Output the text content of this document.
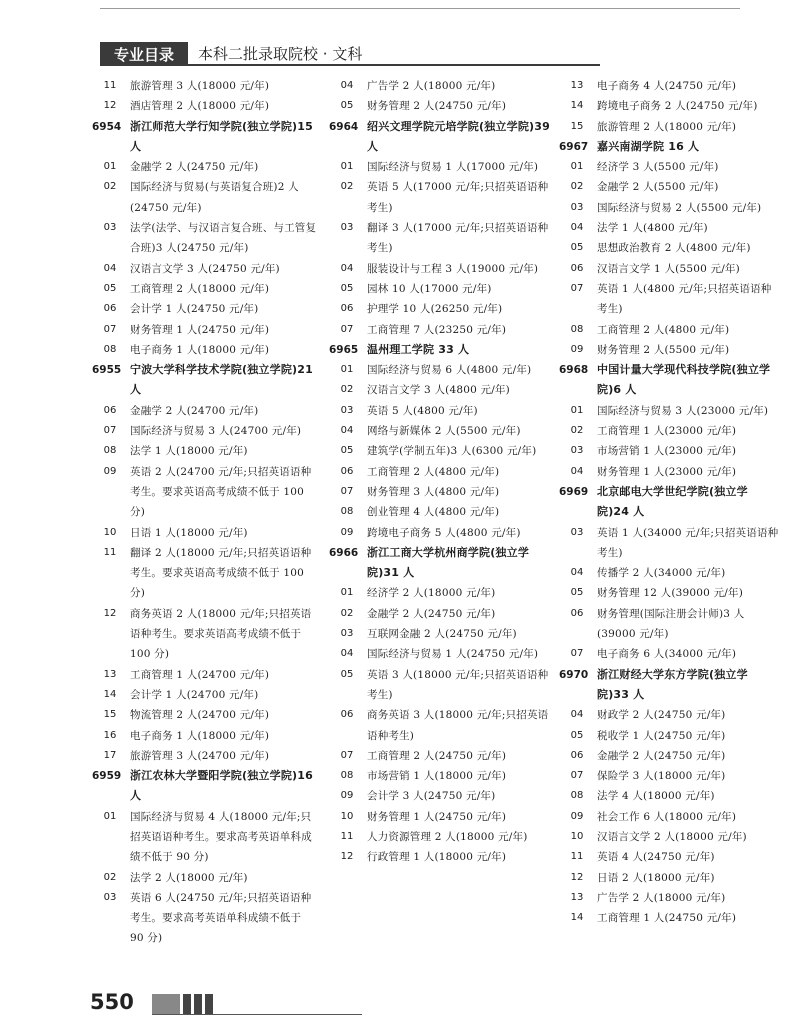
专业目录	本科二批录取院校 · 文科
11	旅游管理 3 人(18000 元/年)
12	酒店管理 2 人(18000 元/年)
6954 浙江师范大学行知学院(独立学院)15 人
01	金融学 2 人(24750 元/年)
02	国际经济与贸易(与英语复合班)2 人(24750 元/年)
03	法学(法学、与汉语言复合班、与工管复合班)3 人(24750 元/年)
04	汉语言文学 3 人(24750 元/年)
05	工商管理 2 人(18000 元/年)
06	会计学 1 人(24750 元/年)
07	财务管理 1 人(24750 元/年)
08	电子商务 1 人(18000 元/年)
6955 宁波大学科学技术学院(独立学院)21 人
06	金融学 2 人(24700 元/年)
07	国际经济与贸易 3 人(24700 元/年)
08	法学 1 人(18000 元/年)
09	英语 2 人(24700 元/年;只招英语语种考生。要求英语高考成绩不低于 100 分)
10	日语 1 人(18000 元/年)
11	翻译 2 人(18000 元/年;只招英语语种考生。要求英语高考成绩不低于 100 分)
12	商务英语 2 人(18000 元/年;只招英语语种考生。要求英语高考成绩不低于 100 分)
13	工商管理 1 人(24700 元/年)
14	会计学 1 人(24700 元/年)
15	物流管理 2 人(24700 元/年)
16	电子商务 1 人(18000 元/年)
17	旅游管理 3 人(24700 元/年)
6959 浙江农林大学暨阳学院(独立学院)16 人
01	国际经济与贸易 4 人(18000 元/年;只招英语语种考生。要求高考英语单科成绩不低于 90 分)
02	法学 2 人(18000 元/年)
03	英语 6 人(24750 元/年;只招英语语种考生。要求高考英语单科成绩不低于 90 分)
04	广告学 2 人(18000 元/年)
05	财务管理 2 人(24750 元/年)
6964 绍兴文理学院元培学院(独立学院)39 人
01	国际经济与贸易 1 人(17000 元/年)
02	英语 5 人(17000 元/年;只招英语语种考生)
03	翻译 3 人(17000 元/年;只招英语语种考生)
04	服装设计与工程 3 人(19000 元/年)
05	园林 10 人(17000 元/年)
06	护理学 10 人(26250 元/年)
07	工商管理 7 人(23250 元/年)
6965 温州理工学院 33 人
01	国际经济与贸易 6 人(4800 元/年)
02	汉语言文学 3 人(4800 元/年)
03	英语 5 人(4800 元/年)
04	网络与新媒体 2 人(5500 元/年)
05	建筑学(学制五年)3 人(6300 元/年)
06	工商管理 2 人(4800 元/年)
07	财务管理 3 人(4800 元/年)
08	创业管理 4 人(4800 元/年)
09	跨境电子商务 5 人(4800 元/年)
6966 浙江工商大学杭州商学院(独立学院)31 人
01	经济学 2 人(18000 元/年)
02	金融学 2 人(24750 元/年)
03	互联网金融 2 人(24750 元/年)
04	国际经济与贸易 1 人(24750 元/年)
05	英语 3 人(18000 元/年;只招英语语种考生)
06	商务英语 3 人(18000 元/年;只招英语语种考生)
07	工商管理 2 人(24750 元/年)
08	市场营销 1 人(18000 元/年)
09	会计学 3 人(24750 元/年)
10	财务管理 1 人(24750 元/年)
11	人力资源管理 2 人(18000 元/年)
12	行政管理 1 人(18000 元/年)
13	电子商务 4 人(24750 元/年)
14	跨境电子商务 2 人(24750 元/年)
15	旅游管理 2 人(18000 元/年)
6967 嘉兴南湖学院 16 人
01	经济学 3 人(5500 元/年)
02	金融学 2 人(5500 元/年)
03	国际经济与贸易 2 人(5500 元/年)
04	法学 1 人(4800 元/年)
05	思想政治教育 2 人(4800 元/年)
06	汉语言文学 1 人(5500 元/年)
07	英语 1 人(4800 元/年;只招英语语种考生)
08	工商管理 2 人(4800 元/年)
09	财务管理 2 人(5500 元/年)
6968 中国计量大学现代科技学院(独立学院)6 人
01	国际经济与贸易 3 人(23000 元/年)
02	工商管理 1 人(23000 元/年)
03	市场营销 1 人(23000 元/年)
04	财务管理 1 人(23000 元/年)
6969 北京邮电大学世纪学院(独立学院)24 人
03	英语 1 人(34000 元/年;只招英语语种考生)
04	传播学 2 人(34000 元/年)
05	财务管理 12 人(39000 元/年)
06	财务管理(国际注册会计师)3 人(39000 元/年)
07	电子商务 6 人(34000 元/年)
6970 浙江财经大学东方学院(独立学院)33 人
04	财政学 2 人(24750 元/年)
05	税收学 1 人(24750 元/年)
06	金融学 2 人(24750 元/年)
07	保险学 3 人(18000 元/年)
08	法学 4 人(18000 元/年)
09	社会工作 6 人(18000 元/年)
10	汉语言文学 2 人(18000 元/年)
11	英语 4 人(24750 元/年)
12	日语 2 人(18000 元/年)
13	广告学 2 人(18000 元/年)
14	工商管理 1 人(24750 元/年)
550
